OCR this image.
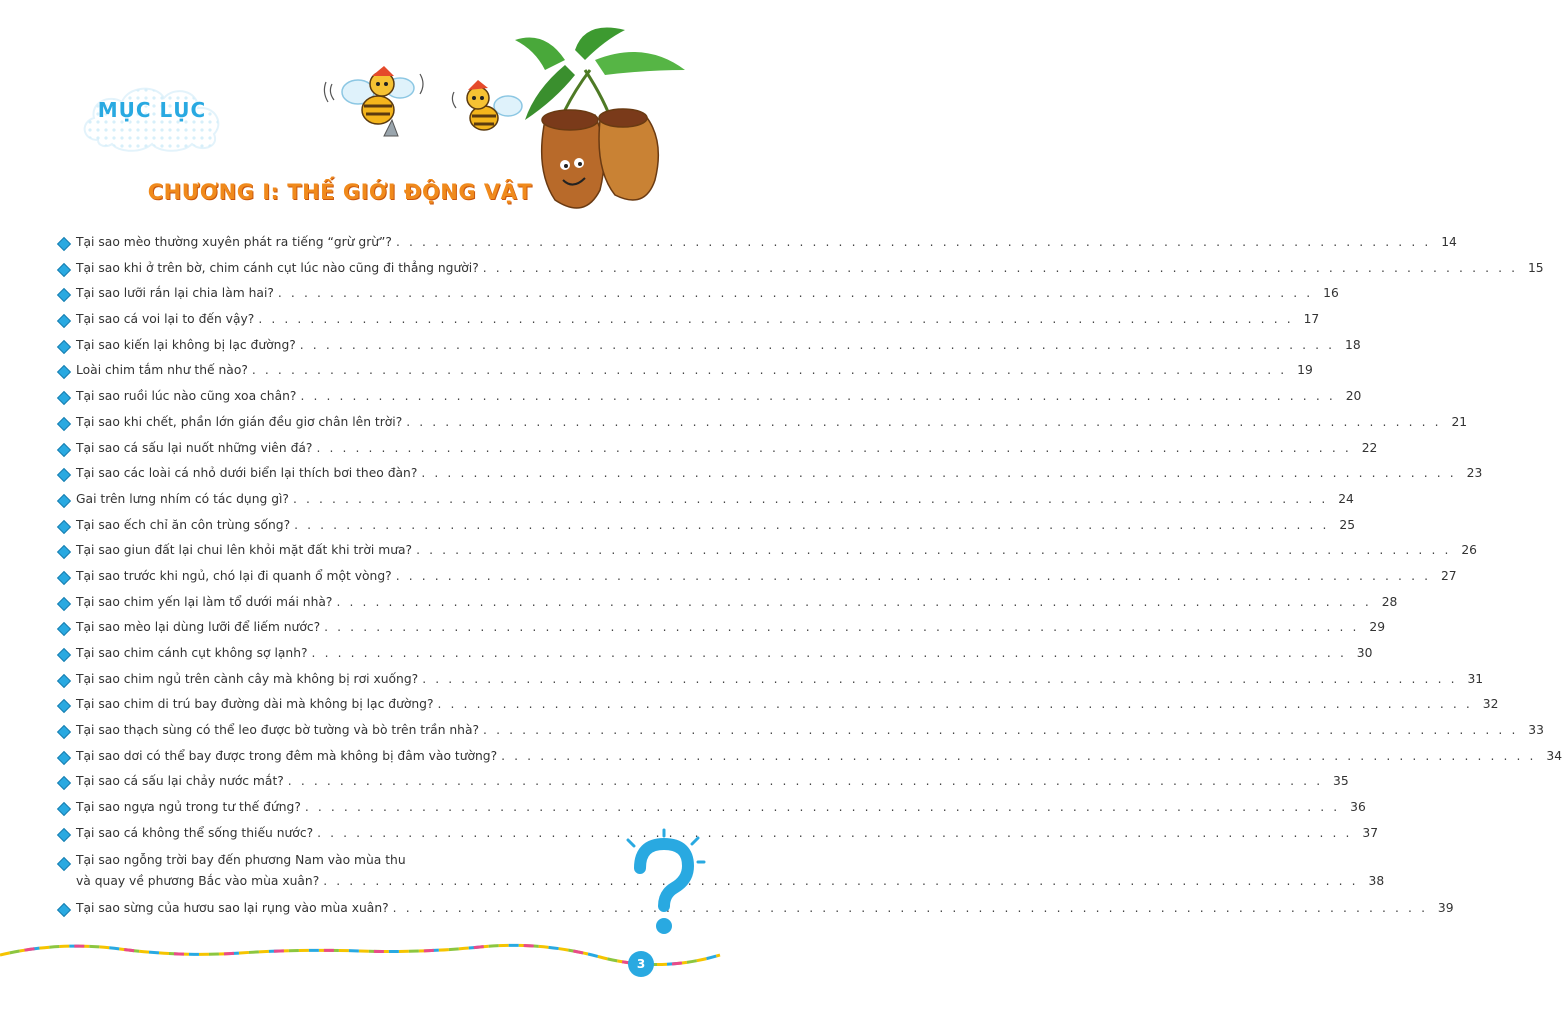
MỤC LỤC
CHƯƠNG I: THẾ GIỚI ĐỘNG VẬT
Tại sao mèo thường xuyên phát ra tiếng “grừ grừ”? . . . . . . . . . . . . . . . . . . . . . . . . . . . . . . . . . . . . . . . . . . . . . . . . . . . . . . . . . . . . . . . . . . . . . . . . . . . . . . . . 14
Tại sao khi ở trên bờ, chim cánh cụt lúc nào cũng đi thẳng người? . . . . . . . . . . . . . . . . . . . . . . . . . . . . . . . . . . . . . . . . . . . . . . . . . . . . . . . . . . . . . . . . . . . . . . . . . . . . . . . . 15
Tại sao lưỡi rắn lại chia làm hai? . . . . . . . . . . . . . . . . . . . . . . . . . . . . . . . . . . . . . . . . . . . . . . . . . . . . . . . . . . . . . . . . . . . . . . . . . . . . . . . . 16
Tại sao cá voi lại to đến vậy? . . . . . . . . . . . . . . . . . . . . . . . . . . . . . . . . . . . . . . . . . . . . . . . . . . . . . . . . . . . . . . . . . . . . . . . . . . . . . . . . 17
Tại sao kiến lại không bị lạc đường? . . . . . . . . . . . . . . . . . . . . . . . . . . . . . . . . . . . . . . . . . . . . . . . . . . . . . . . . . . . . . . . . . . . . . . . . . . . . . . . . 18
Loài chim tắm như thế nào? . . . . . . . . . . . . . . . . . . . . . . . . . . . . . . . . . . . . . . . . . . . . . . . . . . . . . . . . . . . . . . . . . . . . . . . . . . . . . . . . 19
Tại sao ruồi lúc nào cũng xoa chân? . . . . . . . . . . . . . . . . . . . . . . . . . . . . . . . . . . . . . . . . . . . . . . . . . . . . . . . . . . . . . . . . . . . . . . . . . . . . . . . . 20
Tại sao khi chết, phần lớn gián đều giơ chân lên trời? . . . . . . . . . . . . . . . . . . . . . . . . . . . . . . . . . . . . . . . . . . . . . . . . . . . . . . . . . . . . . . . . . . . . . . . . . . . . . . . . 21
Tại sao cá sấu lại nuốt những viên đá? . . . . . . . . . . . . . . . . . . . . . . . . . . . . . . . . . . . . . . . . . . . . . . . . . . . . . . . . . . . . . . . . . . . . . . . . . . . . . . . . 22
Tại sao các loài cá nhỏ dưới biển lại thích bơi theo đàn? . . . . . . . . . . . . . . . . . . . . . . . . . . . . . . . . . . . . . . . . . . . . . . . . . . . . . . . . . . . . . . . . . . . . . . . . . . . . . . . . 23
Gai trên lưng nhím có tác dụng gì? . . . . . . . . . . . . . . . . . . . . . . . . . . . . . . . . . . . . . . . . . . . . . . . . . . . . . . . . . . . . . . . . . . . . . . . . . . . . . . . . 24
Tại sao ếch chỉ ăn côn trùng sống? . . . . . . . . . . . . . . . . . . . . . . . . . . . . . . . . . . . . . . . . . . . . . . . . . . . . . . . . . . . . . . . . . . . . . . . . . . . . . . . . 25
Tại sao giun đất lại chui lên khỏi mặt đất khi trời mưa? . . . . . . . . . . . . . . . . . . . . . . . . . . . . . . . . . . . . . . . . . . . . . . . . . . . . . . . . . . . . . . . . . . . . . . . . . . . . . . . . 26
Tại sao trước khi ngủ, chó lại đi quanh ổ một vòng? . . . . . . . . . . . . . . . . . . . . . . . . . . . . . . . . . . . . . . . . . . . . . . . . . . . . . . . . . . . . . . . . . . . . . . . . . . . . . . . . 27
Tại sao chim yến lại làm tổ dưới mái nhà? . . . . . . . . . . . . . . . . . . . . . . . . . . . . . . . . . . . . . . . . . . . . . . . . . . . . . . . . . . . . . . . . . . . . . . . . . . . . . . . . 28
Tại sao mèo lại dùng lưỡi để liếm nước? . . . . . . . . . . . . . . . . . . . . . . . . . . . . . . . . . . . . . . . . . . . . . . . . . . . . . . . . . . . . . . . . . . . . . . . . . . . . . . . . 29
Tại sao chim cánh cụt không sợ lạnh? . . . . . . . . . . . . . . . . . . . . . . . . . . . . . . . . . . . . . . . . . . . . . . . . . . . . . . . . . . . . . . . . . . . . . . . . . . . . . . . . 30
Tại sao chim ngủ trên cành cây mà không bị rơi xuống? . . . . . . . . . . . . . . . . . . . . . . . . . . . . . . . . . . . . . . . . . . . . . . . . . . . . . . . . . . . . . . . . . . . . . . . . . . . . . . . . 31
Tại sao chim di trú bay đường dài mà không bị lạc đường? . . . . . . . . . . . . . . . . . . . . . . . . . . . . . . . . . . . . . . . . . . . . . . . . . . . . . . . . . . . . . . . . . . . . . . . . . . . . . . . . 32
Tại sao thạch sùng có thể leo được bờ tường và bò trên trần nhà? . . . . . . . . . . . . . . . . . . . . . . . . . . . . . . . . . . . . . . . . . . . . . . . . . . . . . . . . . . . . . . . . . . . . . . . . . . . . . . . . 33
Tại sao dơi có thể bay được trong đêm mà không bị đâm vào tường? . . . . . . . . . . . . . . . . . . . . . . . . . . . . . . . . . . . . . . . . . . . . . . . . . . . . . . . . . . . . . . . . . . . . . . . . . . . . . . . . 34
Tại sao cá sấu lại chảy nước mắt? . . . . . . . . . . . . . . . . . . . . . . . . . . . . . . . . . . . . . . . . . . . . . . . . . . . . . . . . . . . . . . . . . . . . . . . . . . . . . . . . 35
Tại sao ngựa ngủ trong tư thế đứng? . . . . . . . . . . . . . . . . . . . . . . . . . . . . . . . . . . . . . . . . . . . . . . . . . . . . . . . . . . . . . . . . . . . . . . . . . . . . . . . . 36
Tại sao cá không thể sống thiếu nước? . . . . . . . . . . . . . . . . . . . . . . . . . . . . . . . . . . . . . . . . . . . . . . . . . . . . . . . . . . . . . . . . . . . . . . . . . . . . . . . . 37
Tại sao ngỗng trời bay đến phương Nam vào mùa thu
và quay về phương Bắc vào mùa xuân? . . . . . . . . . . . . . . . . . . . . . . . . . . . . . . . . . . . . . . . . . . . . . . . . . . . . . . . . . . . . . . . . . . . . . . . . . . . . . . . . 38
Tại sao sừng của hươu sao lại rụng vào mùa xuân? . . . . . . . . . . . . . . . . . . . . . . . . . . . . . . . . . . . . . . . . . . . . . . . . . . . . . . . . . . . . . . . . . . . . . . . . . . . . . . . . 39
3
